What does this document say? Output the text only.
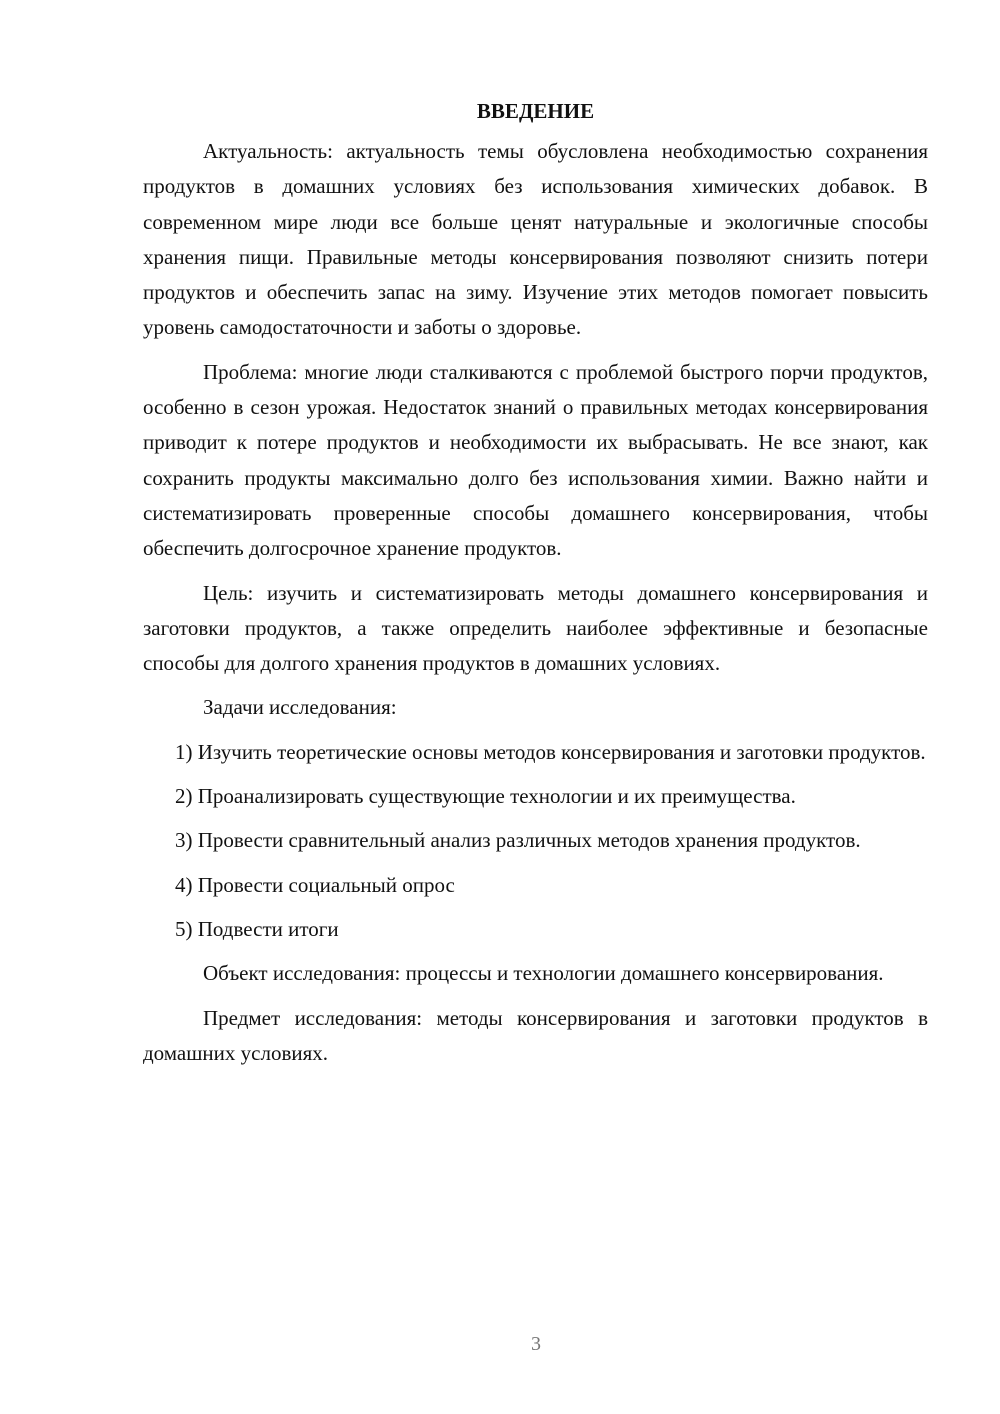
ВВЕДЕНИЕ

Актуальность: актуальность темы обусловлена необходимостью сохранения продуктов в домашних условиях без использования химических добавок. В современном мире люди все больше ценят натуральные и экологичные способы хранения пищи. Правильные методы консервирования позволяют снизить потери продуктов и обеспечить запас на зиму. Изучение этих методов помогает повысить уровень самодостаточности и заботы о здоровье.

Проблема: многие люди сталкиваются с проблемой быстрого порчи продуктов, особенно в сезон урожая. Недостаток знаний о правильных методах консервирования приводит к потере продуктов и необходимости их выбрасывать. Не все знают, как сохранить продукты максимально долго без использования химии. Важно найти и систематизировать проверенные способы домашнего консервирования, чтобы обеспечить долгосрочное хранение продуктов.

Цель: изучить и систематизировать методы домашнего консервирования и заготовки продуктов, а также определить наиболее эффективные и безопасные способы для долгого хранения продуктов в домашних условиях.

Задачи исследования:

1) Изучить теоретические основы методов консервирования и заготовки продуктов.

2) Проанализировать существующие технологии и их преимущества.

3) Провести сравнительный анализ различных методов хранения продуктов.

4) Провести социальный опрос

5) Подвести итоги

Объект исследования: процессы и технологии домашнего консервирования.

Предмет исследования: методы консервирования и заготовки продуктов в домашних условиях.

3
